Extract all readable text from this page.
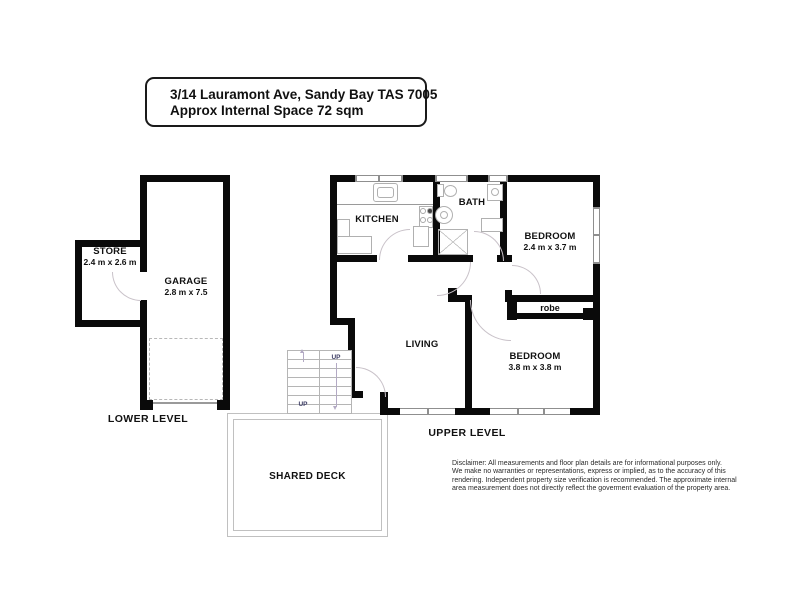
3/14 Lauramont Ave, Sandy Bay TAS 7005
Approx Internal Space 72 sqm
STORE
2.4 m x 2.6 m
GARAGE
2.8 m x 7.5
LOWER LEVEL
SHARED DECK
UP
UP
KITCHEN
BATH
BEDROOM
2.4 m x 3.7 m
LIVING
BEDROOM
3.8 m x 3.8 m
robe
UPPER LEVEL
Disclaimer: All measurements and floor plan details are for informational purposes only.
We make no warranties or representations, express or implied, as to the accuracy of this
rendering. Independent property size verification is recommended. The approximate internal
area measurement does not directly reflect the goverment evaluation of the property area.
